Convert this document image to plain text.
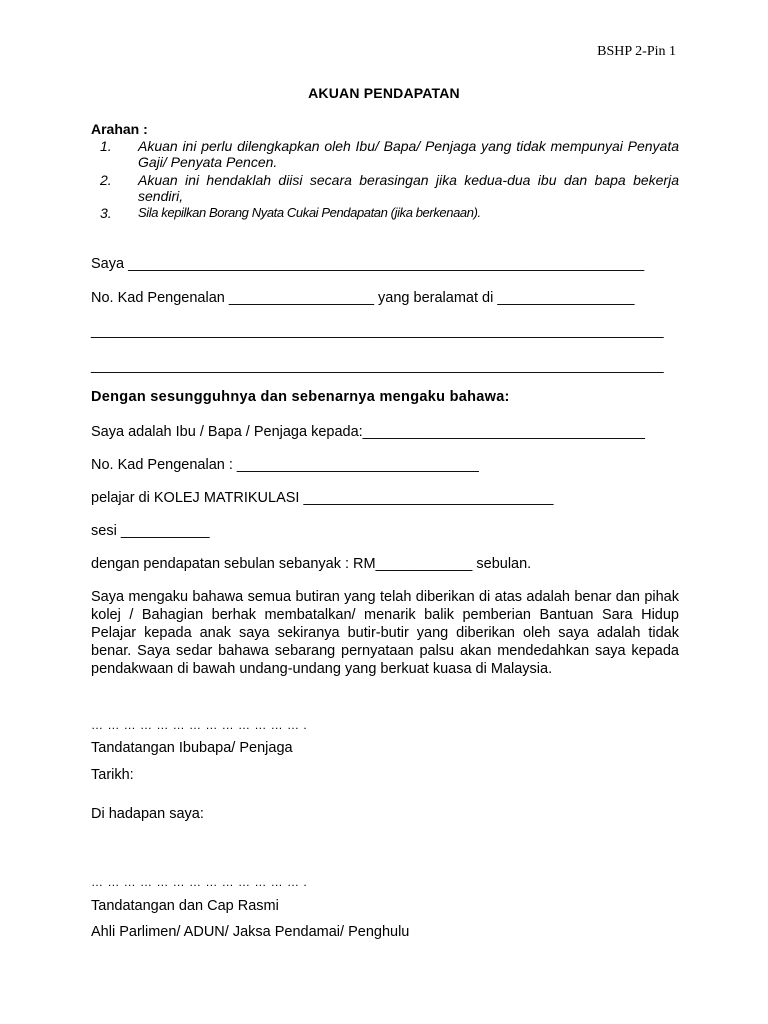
BSHP 2-Pin 1
AKUAN PENDAPATAN
Arahan :
1. Akuan ini perlu dilengkapkan oleh Ibu/ Bapa/ Penjaga yang tidak mempunyai Penyata Gaji/ Penyata Pencen.
2. Akuan ini hendaklah diisi secara berasingan jika kedua-dua ibu dan bapa bekerja sendiri,
3. Sila kepilkan Borang Nyata Cukai Pendapatan (jika berkenaan).
Saya ________________________________________________________________
No. Kad Pengenalan __________________ yang beralamat di _________________
_______________________________________________________________________
_______________________________________________________________________
Dengan sesungguhnya dan sebenarnya mengaku bahawa:
Saya adalah Ibu / Bapa / Penjaga kepada:___________________________________
No. Kad Pengenalan : ______________________________
pelajar di KOLEJ MATRIKULASI _______________________________
sesi ___________
dengan pendapatan sebulan sebanyak : RM____________ sebulan.
Saya mengaku bahawa semua butiran yang telah diberikan di atas adalah benar dan pihak kolej / Bahagian berhak membatalkan/ menarik balik pemberian Bantuan Sara Hidup Pelajar kepada anak saya sekiranya butir-butir yang diberikan oleh saya adalah tidak benar. Saya sedar bahawa sebarang pernyataan palsu akan mendedahkan saya kepada pendakwaan di bawah undang-undang yang berkuat kuasa di Malaysia.
… … … … … … … … … … … … … .
Tandatangan Ibubapa/ Penjaga
Tarikh:
Di hadapan saya:
… … … … … … … … … … … … … .
Tandatangan dan Cap Rasmi
Ahli Parlimen/ ADUN/ Jaksa Pendamai/ Penghulu
